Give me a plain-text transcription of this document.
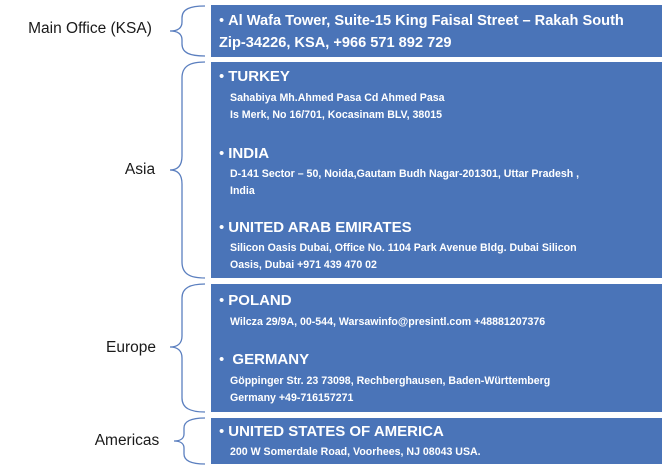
Main Office (KSA)
Asia
Europe
Americas
• Al Wafa Tower, Suite-15 King Faisal Street – Rakah South
Zip-34226, KSA, +966 571 892 729
• TURKEY
Sahabiya Mh.Ahmed Pasa Cd Ahmed Pasa
Is Merk, No 16/701, Kocasinam BLV, 38015
• INDIA
D-141 Sector – 50, Noida,Gautam Budh Nagar-201301, Uttar Pradesh ,
India
• UNITED ARAB EMIRATES
Silicon Oasis Dubai, Office No. 1104 Park Avenue Bldg. Dubai Silicon
Oasis, Dubai +971 439 470 02
• POLAND
Wilcza 29/9A, 00-544, Warsawinfo@presintl.com +48881207376
• GERMANY
Göppinger Str. 23 73098, Rechberghausen, Baden-Württemberg
Germany +49-716157271
• UNITED STATES OF AMERICA
200 W Somerdale Road, Voorhees, NJ 08043 USA.
